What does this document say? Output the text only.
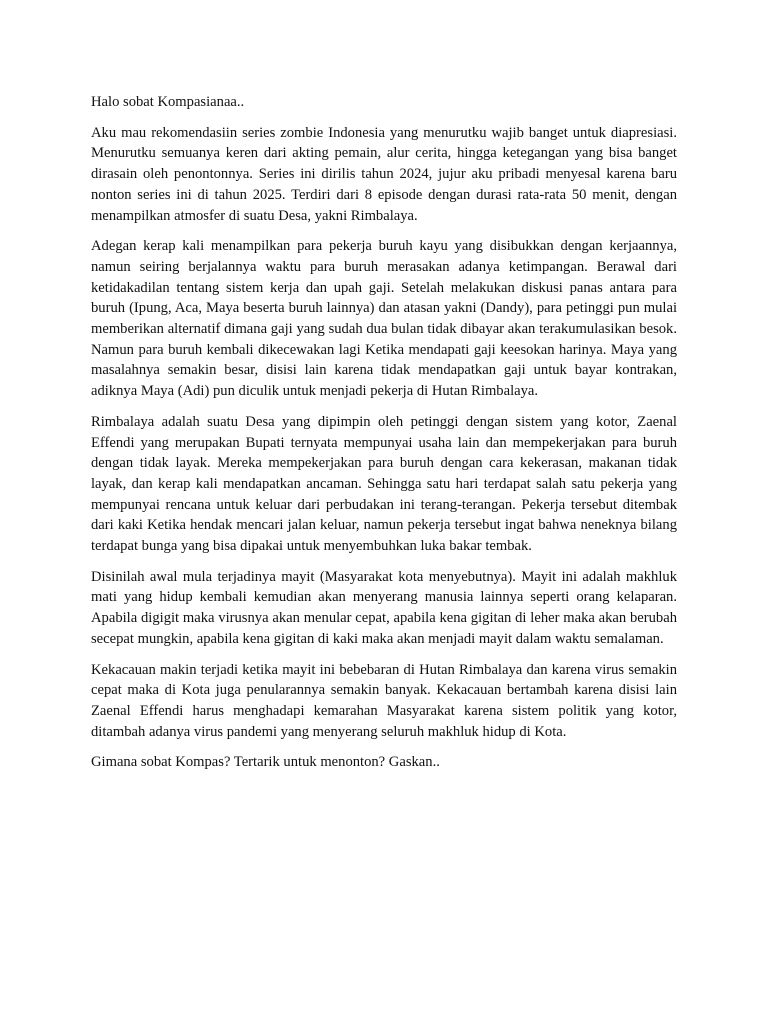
Halo sobat Kompasianaa..

Aku mau rekomendasiin series zombie Indonesia yang menurutku wajib banget untuk diapresiasi. Menurutku semuanya keren dari akting pemain, alur cerita, hingga ketegangan yang bisa banget dirasain oleh penontonnya. Series ini dirilis tahun 2024, jujur aku pribadi menyesal karena baru nonton series ini di tahun 2025. Terdiri dari 8 episode dengan durasi rata-rata 50 menit, dengan menampilkan atmosfer di suatu Desa, yakni Rimbalaya.

Adegan kerap kali menampilkan para pekerja buruh kayu yang disibukkan dengan kerjaannya, namun seiring berjalannya waktu para buruh merasakan adanya ketimpangan. Berawal dari ketidakadilan tentang sistem kerja dan upah gaji. Setelah melakukan diskusi panas antara para buruh (Ipung, Aca, Maya beserta buruh lainnya) dan atasan yakni (Dandy), para petinggi pun mulai memberikan alternatif dimana gaji yang sudah dua bulan tidak dibayar akan terakumulasikan besok. Namun para buruh kembali dikecewakan lagi Ketika mendapati gaji keesokan harinya. Maya yang masalahnya semakin besar, disisi lain karena tidak mendapatkan gaji untuk bayar kontrakan, adiknya Maya (Adi) pun diculik untuk menjadi pekerja di Hutan Rimbalaya.

Rimbalaya adalah suatu Desa yang dipimpin oleh petinggi dengan sistem yang kotor, Zaenal Effendi yang merupakan Bupati ternyata mempunyai usaha lain dan mempekerjakan para buruh dengan tidak layak. Mereka mempekerjakan para buruh dengan cara kekerasan, makanan tidak layak, dan kerap kali mendapatkan ancaman. Sehingga satu hari terdapat salah satu pekerja yang mempunyai rencana untuk keluar dari perbudakan ini terang-terangan. Pekerja tersebut ditembak dari kaki Ketika hendak mencari jalan keluar, namun pekerja tersebut ingat bahwa neneknya bilang terdapat bunga yang bisa dipakai untuk menyembuhkan luka bakar tembak.

Disinilah awal mula terjadinya mayit (Masyarakat kota menyebutnya). Mayit ini adalah makhluk mati yang hidup kembali kemudian akan menyerang manusia lainnya seperti orang kelaparan. Apabila digigit maka virusnya akan menular cepat, apabila kena gigitan di leher maka akan berubah secepat mungkin, apabila kena gigitan di kaki maka akan menjadi mayit dalam waktu semalaman.

Kekacauan makin terjadi ketika mayit ini bebebaran di Hutan Rimbalaya dan karena virus semakin cepat maka di Kota juga penularannya semakin banyak. Kekacauan bertambah karena disisi lain Zaenal Effendi harus menghadapi kemarahan Masyarakat karena sistem politik yang kotor, ditambah adanya virus pandemi yang menyerang seluruh makhluk hidup di Kota.

Gimana sobat Kompas? Tertarik untuk menonton? Gaskan..
